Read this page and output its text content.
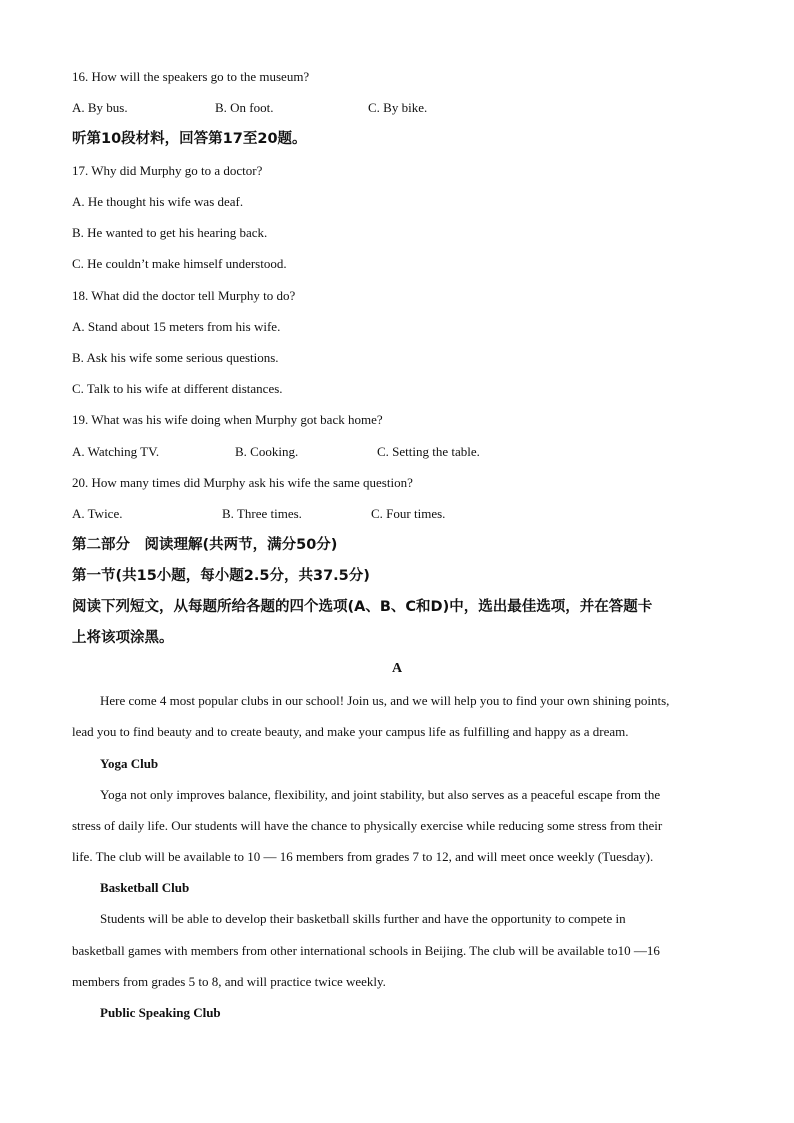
16. How will the speakers go to the museum?
A. By bus.	B. On foot.	C. By bike.
听第10段材料，回答第17至20题。
17. Why did Murphy go to a doctor?
A. He thought his wife was deaf.
B. He wanted to get his hearing back.
C. He couldn’t make himself understood.
18. What did the doctor tell Murphy to do?
A. Stand about 15 meters from his wife.
B. Ask his wife some serious questions.
C. Talk to his wife at different distances.
19. What was his wife doing when Murphy got back home?
A. Watching TV.	B. Cooking.	C. Setting the table.
20. How many times did Murphy ask his wife the same question?
A. Twice.	B. Three times.	C. Four times.
第二部分　阅读理解(共两节，满分50分)
第一节(共15小题，每小题2.5分，共37.5分)
阅读下列短文，从每题所给各题的四个选项(A、B、C和D)中，选出最佳选项，并在答题卡
上将该项涂黑。
A
Here come 4 most popular clubs in our school! Join us, and we will help you to find your own shining points,
lead you to find beauty and to create beauty, and make your campus life as fulfilling and happy as a dream.
Yoga Club
Yoga not only improves balance, flexibility, and joint stability, but also serves as a peaceful escape from the
stress of daily life. Our students will have the chance to physically exercise while reducing some stress from their
life. The club will be available to 10 — 16 members from grades 7 to 12, and will meet once weekly (Tuesday).
Basketball Club
Students will be able to develop their basketball skills further and have the opportunity to compete in
basketball games with members from other international schools in Beijing. The club will be available to10 —16
members from grades 5 to 8, and will practice twice weekly.
Public Speaking Club
